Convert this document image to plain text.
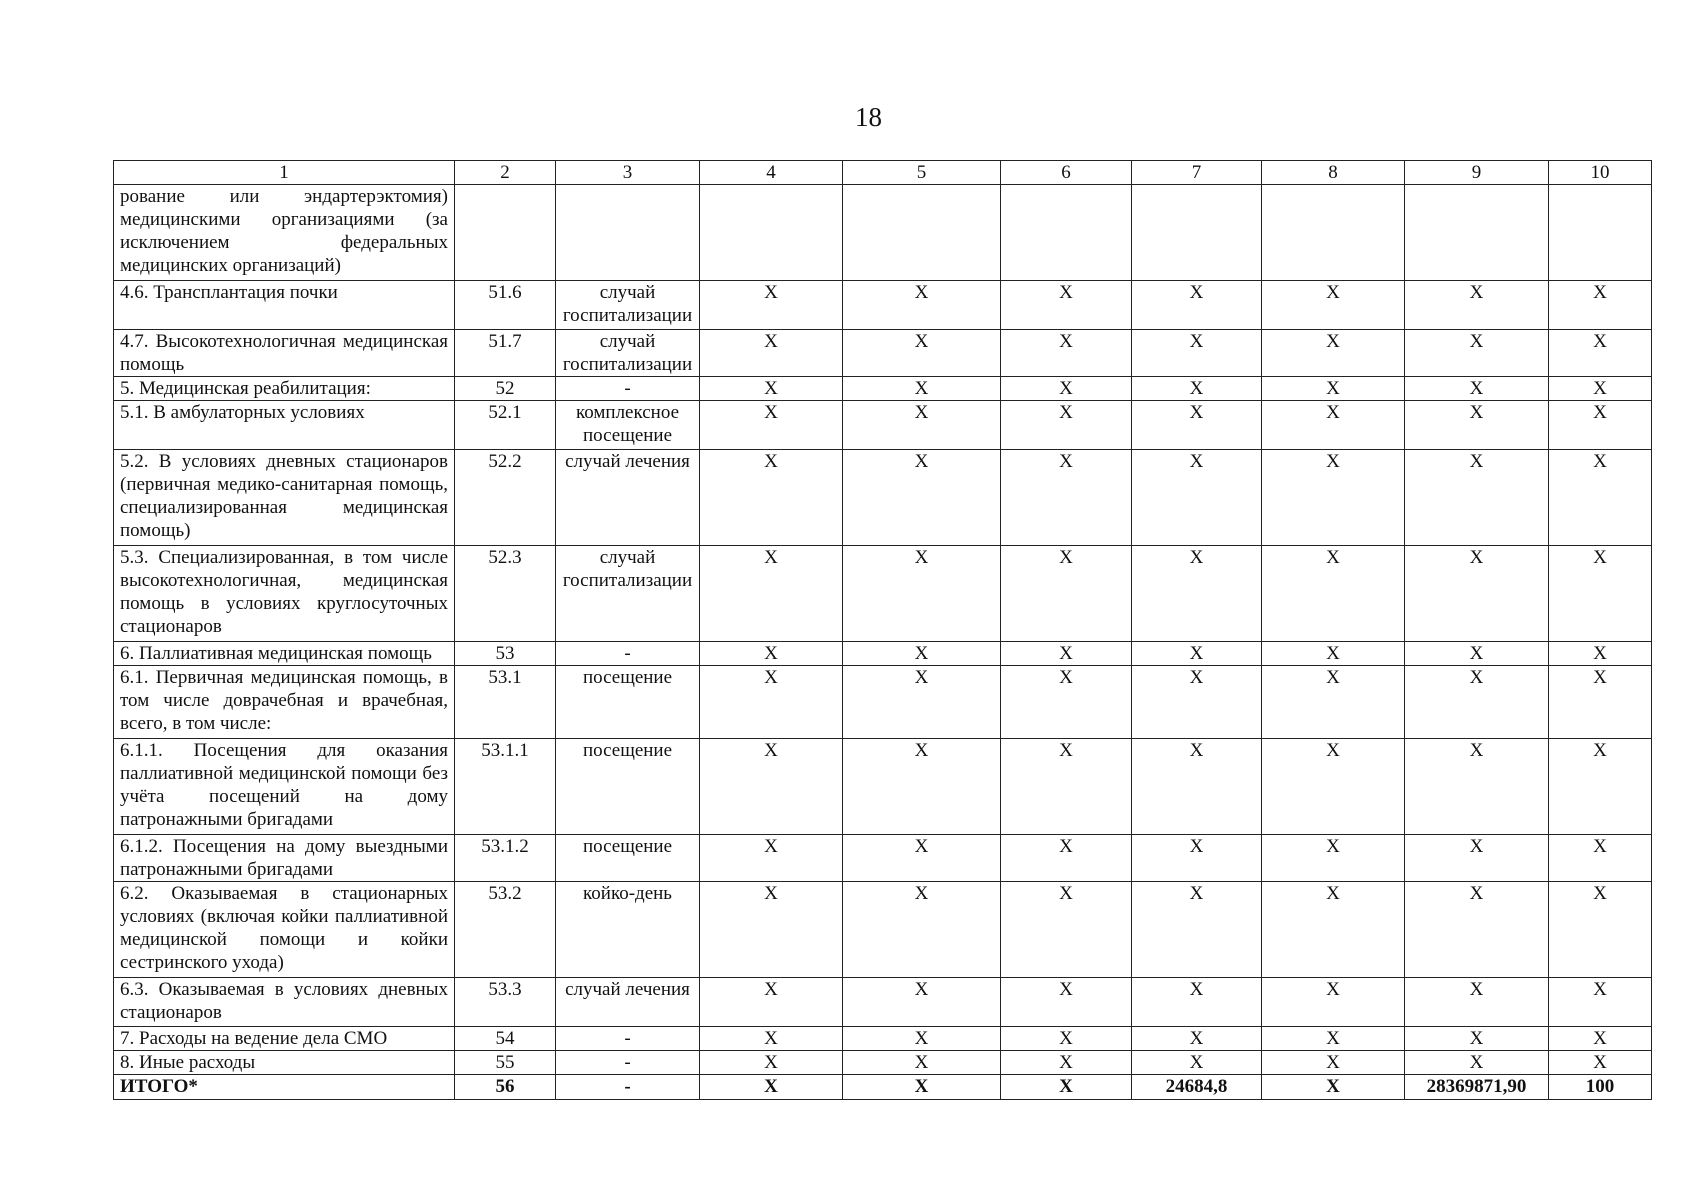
18
1	2	3	4	5	6	7	8	9	10
рование или эндартерэктомия) медицинскими организациями (за исключением федеральных медицинских организаций)									
4.6. Трансплантация почки	51.6	случай госпитализации	X	X	X	X	X	X	X
4.7. Высокотехнологичная медицинская помощь	51.7	случай госпитализации	X	X	X	X	X	X	X
5. Медицинская реабилитация:	52	-	X	X	X	X	X	X	X
5.1. В амбулаторных условиях	52.1	комплексное посещение	X	X	X	X	X	X	X
5.2. В условиях дневных стационаров (первичная медико-санитарная помощь, специализированная медицинская помощь)	52.2	случай лечения	X	X	X	X	X	X	X
5.3. Специализированная, в том числе высокотехнологичная, медицинская помощь в условиях круглосуточных стационаров	52.3	случай госпитализации	X	X	X	X	X	X	X
6. Паллиативная медицинская помощь	53	-	X	X	X	X	X	X	X
6.1. Первичная медицинская помощь, в том числе доврачебная и врачебная, всего, в том числе:	53.1	посещение	X	X	X	X	X	X	X
6.1.1. Посещения для оказания паллиативной медицинской помощи без учёта посещений на дому патронажными бригадами	53.1.1	посещение	X	X	X	X	X	X	X
6.1.2. Посещения на дому выездными патронажными бригадами	53.1.2	посещение	X	X	X	X	X	X	X
6.2. Оказываемая в стационарных условиях (включая койки паллиативной медицинской помощи и койки сестринского ухода)	53.2	койко-день	X	X	X	X	X	X	X
6.3. Оказываемая в условиях дневных стационаров	53.3	случай лечения	X	X	X	X	X	X	X
7. Расходы на ведение дела СМО	54	-	X	X	X	X	X	X	X
8. Иные расходы	55	-	X	X	X	X	X	X	X
ИТОГО*	56	-	X	X	X	24684,8	X	28369871,90	100
